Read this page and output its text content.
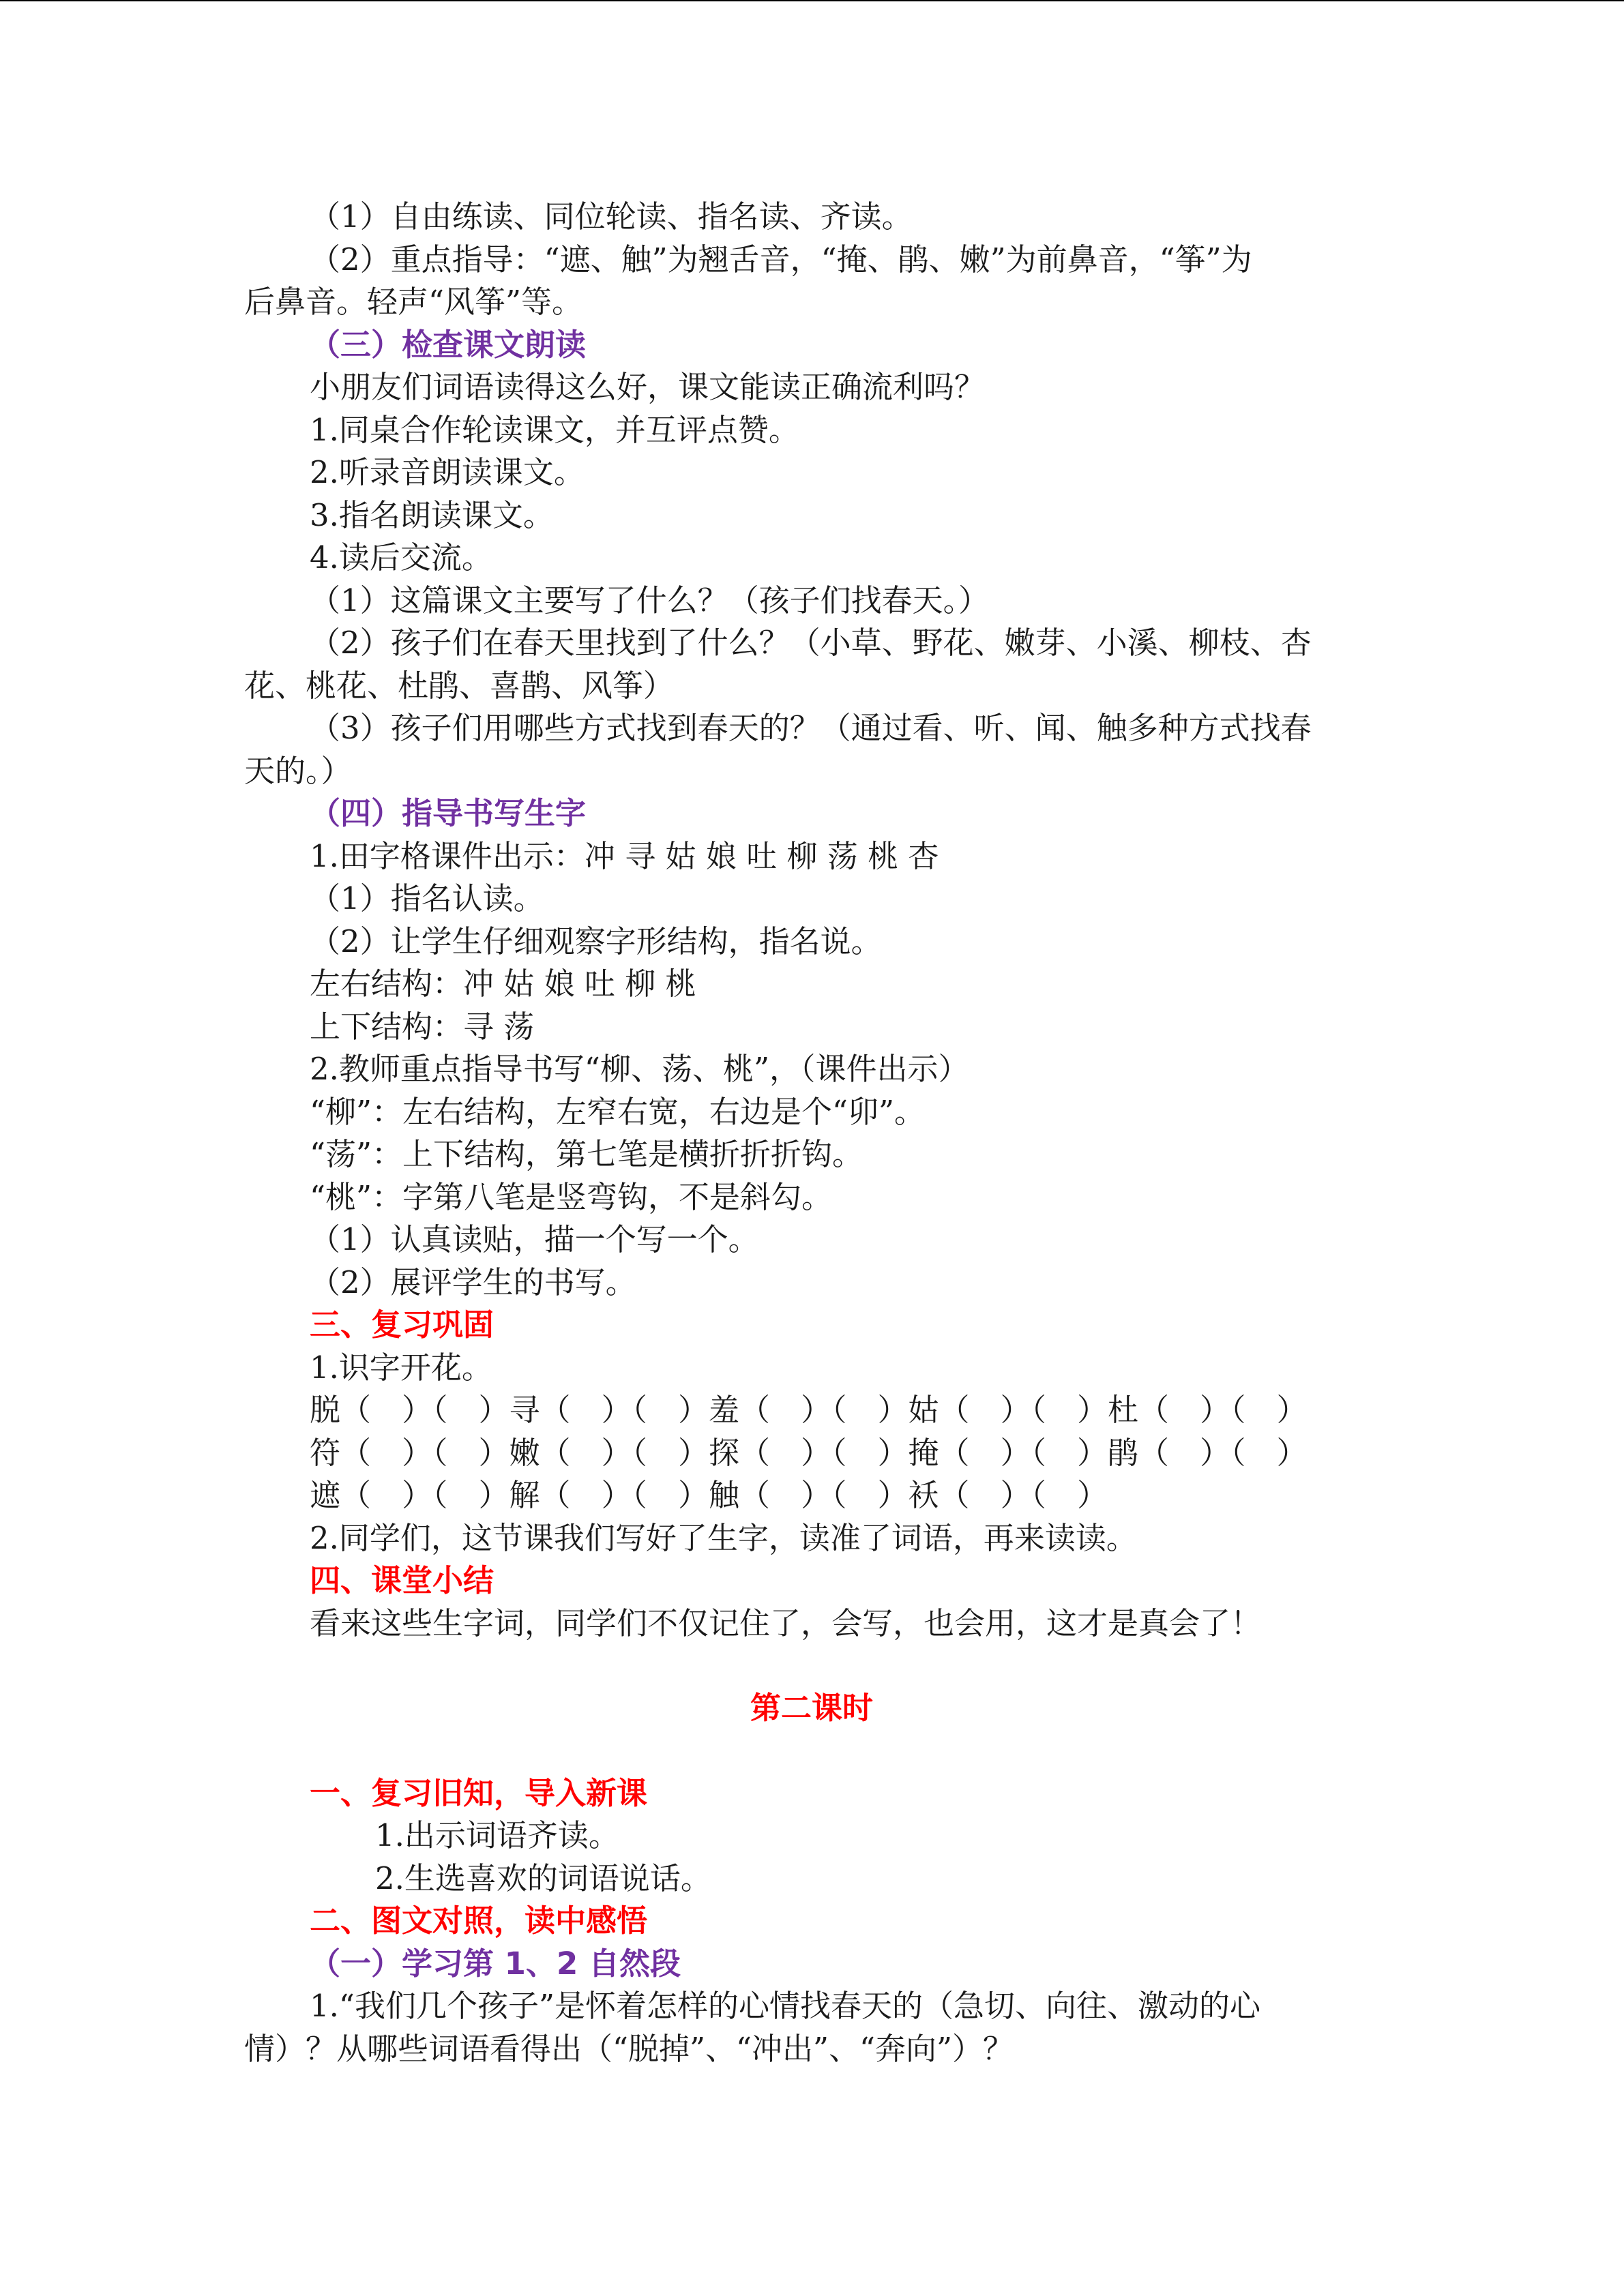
（1）自由练读、同位轮读、指名读、齐读。
（2）重点指导：“遮、触”为翘舌音，“掩、鹃、嫩”为前鼻音，“筝”为
后鼻音。轻声“风筝”等。
（三）检查课文朗读
小朋友们词语读得这么好，课文能读正确流利吗？
1.同桌合作轮读课文，并互评点赞。
2.听录音朗读课文。
3.指名朗读课文。
4.读后交流。
（1）这篇课文主要写了什么？（孩子们找春天。）
（2）孩子们在春天里找到了什么？（小草、野花、嫩芽、小溪、柳枝、杏
花、桃花、杜鹃、喜鹊、风筝）
（3）孩子们用哪些方式找到春天的？（通过看、听、闻、触多种方式找春
天的。）
（四）指导书写生字
1.田字格课件出示：冲 寻 姑 娘 吐 柳 荡 桃 杏
（1）指名认读。
（2）让学生仔细观察字形结构，指名说。
左右结构：冲 姑 娘 吐 柳 桃
上下结构：寻 荡
2.教师重点指导书写“柳、荡、桃”，（课件出示）
“柳”：左右结构，左窄右宽，右边是个“卯”。
“荡”：上下结构，第七笔是横折折折钩。
“桃”：字第八笔是竖弯钩，不是斜勾。
（1）认真读贴，描一个写一个。
（2）展评学生的书写。
三、复习巩固
1.识字开花。
脱（　）（　）寻（　）（　）羞（　）（　）姑（　）（　）杜（　）（　）
符（　）（　）嫩（　）（　）探（　）（　）掩（　）（　）鹃（　）（　）
遮（　）（　）解（　）（　）触（　）（　）袄（　）（　）
2.同学们，这节课我们写好了生字，读准了词语，再来读读。
四、课堂小结
看来这些生字词，同学们不仅记住了，会写，也会用，这才是真会了！
第二课时
一、复习旧知，导入新课
1.出示词语齐读。
2.生选喜欢的词语说话。
二、图文对照，读中感悟
（一）学习第 1、2 自然段
1.“我们几个孩子”是怀着怎样的心情找春天的（急切、向往、激动的心
情）？从哪些词语看得出（“脱掉”、“冲出”、“奔向”）？
